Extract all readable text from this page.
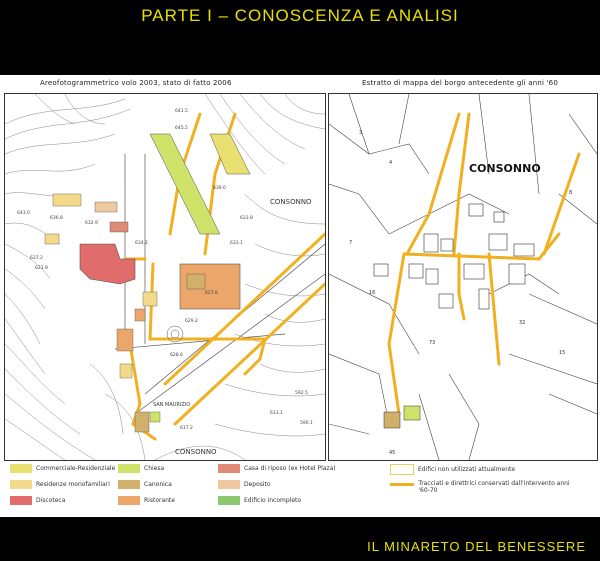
PARTE I – CONOSCENZA E ANALISI
Areofotogrammetrico volo 2003, stato di fatto 2006	Estratto di mappa del borgo antecedente gli anni '60
CONSONNO
CONSONNO
SAN MAURIZIO
641.5
645.5
643.0
639.0
632.9
633.1
623.8
627.8
634.2
628.6
629.2
617.2
613.1
592.5
590.1
627.2
636.8
621.9
CONSONNO
3
4
7
8
15
32
45
73
16
Commerciale-Residenziale
Residenze monofamiliari
Discoteca
Chiesa
Canonica
Ristorante
Casa di riposo (ex Hotel Plaza)
Deposito
Edificio incompleto
Edifici non utilizzati attualmente
Tracciati e direttrici conservati dall'intervento anni '60-70
IL MINARETO DEL BENESSERE
